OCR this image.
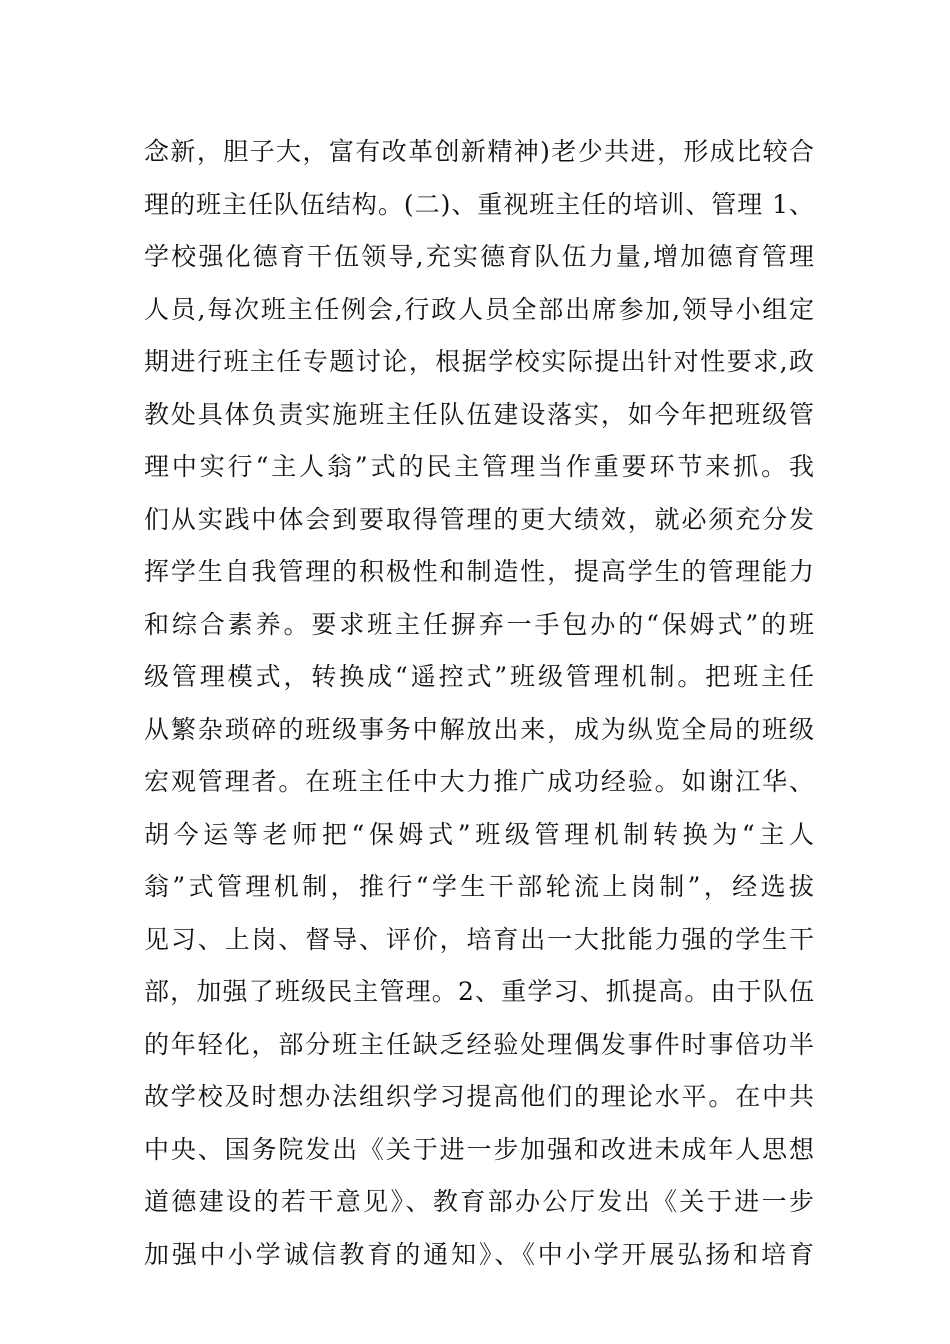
念新，胆子大，富有改革创新精神)老少共进，形成比较合
理的班主任队伍结构。(二)、重视班主任的培训、管理 1、
学校强化德育干伍领导,充实德育队伍力量,增加德育管理
人员,每次班主任例会,行政人员全部出席参加,领导小组定
期进行班主任专题讨论，根据学校实际提出针对性要求,政
教处具体负责实施班主任队伍建设落实，如今年把班级管
理中实行“主人翁”式的民主管理当作重要环节来抓。我
们从实践中体会到要取得管理的更大绩效，就必须充分发
挥学生自我管理的积极性和制造性，提高学生的管理能力
和综合素养。要求班主任摒弃一手包办的“保姆式”的班
级管理模式，转换成“遥控式”班级管理机制。把班主任
从繁杂琐碎的班级事务中解放出来，成为纵览全局的班级
宏观管理者。在班主任中大力推广成功经验。如谢江华、
胡今运等老师把“保姆式”班级管理机制转换为“主人
翁”式管理机制，推行“学生干部轮流上岗制”，经选拔
见习、上岗、督导、评价，培育出一大批能力强的学生干
部，加强了班级民主管理。2、重学习、抓提高。由于队伍
的年轻化，部分班主任缺乏经验处理偶发事件时事倍功半
故学校及时想办法组织学习提高他们的理论水平。在中共
中央、国务院发出《关于进一步加强和改进未成年人思想
道德建设的若干意见》、教育部办公厅发出《关于进一步
加强中小学诚信教育的通知》、《中小学开展弘扬和培育
